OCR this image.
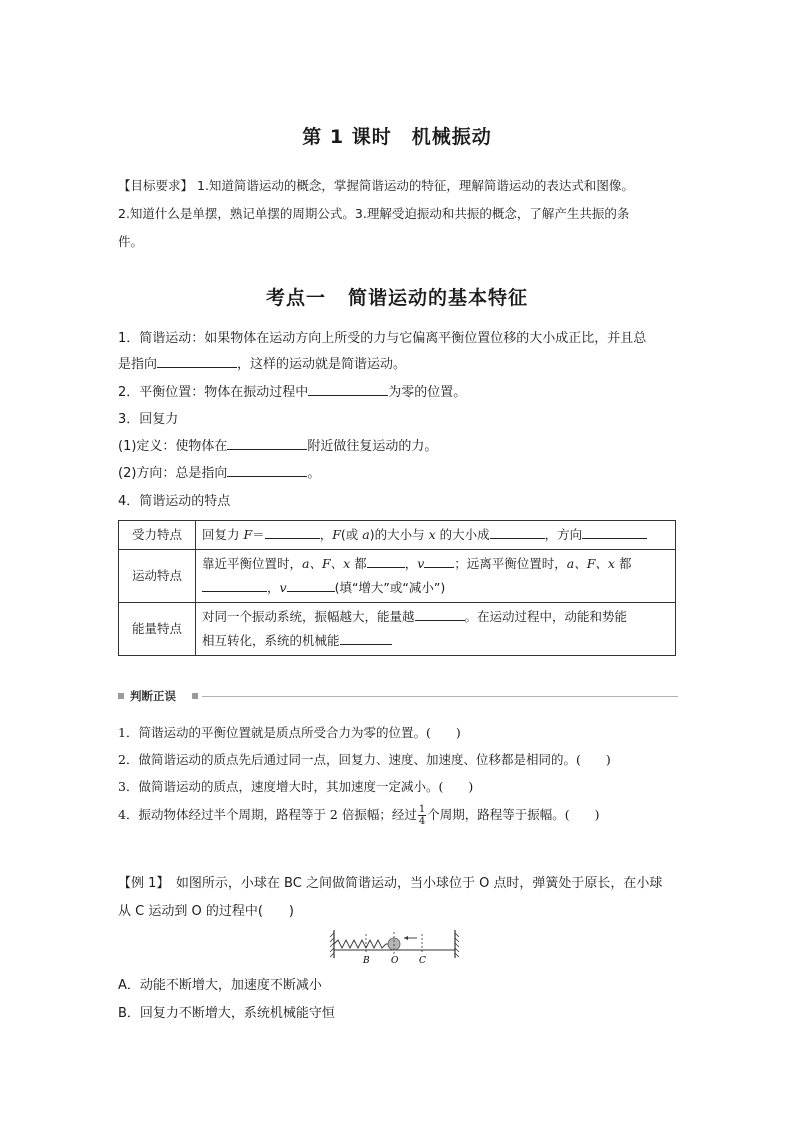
第 1 课时 机械振动
【目标要求】 1.知道简谐运动的概念，掌握简谐运动的特征，理解简谐运动的表达式和图像。
2.知道什么是单摆，熟记单摆的周期公式。3.理解受迫振动和共振的概念，了解产生共振的条
件。
考点一 简谐运动的基本特征
1．简谐运动：如果物体在运动方向上所受的力与它偏离平衡位置位移的大小成正比，并且总
是指向	，这样的运动就是简谐运动。
2．平衡位置：物体在振动过程中	为零的位置。
3．回复力
(1)定义：使物体在	附近做往复运动的力。
(2)方向：总是指向	。
4．简谐运动的特点
受力特点	回复力 F＝ ，F(或 a)的大小与 x 的大小成 ，方向
运动特点	靠近平衡位置时，a、F、x 都 ，v ；远离平衡位置时，a、F、x 都
，v (填“增大”或“减小”)

能量特点	对同一个振动系统，振幅越大，能量越 。在运动过程中，动能和势能
相互转化，系统的机械能
判断正误
1．简谐运动的平衡位置就是质点所受合力为零的位置。(　　)
2．做简谐运动的质点先后通过同一点，回复力、速度、加速度、位移都是相同的。(　　)
3．做简谐运动的质点，速度增大时，其加速度一定减小。(　　)
4．振动物体经过半个周期，路程等于 2 倍振幅；经过 $\frac{1}{4}$ 个周期，路程等于振幅。(　　)
【例 1】　如图所示，小球在 BC 之间做简谐运动，当小球位于 O 点时，弹簧处于原长，在小球
从 C 运动到 O 的过程中(　　)
B O C
A．动能不断增大，加速度不断减小
B．回复力不断增大，系统机械能守恒
